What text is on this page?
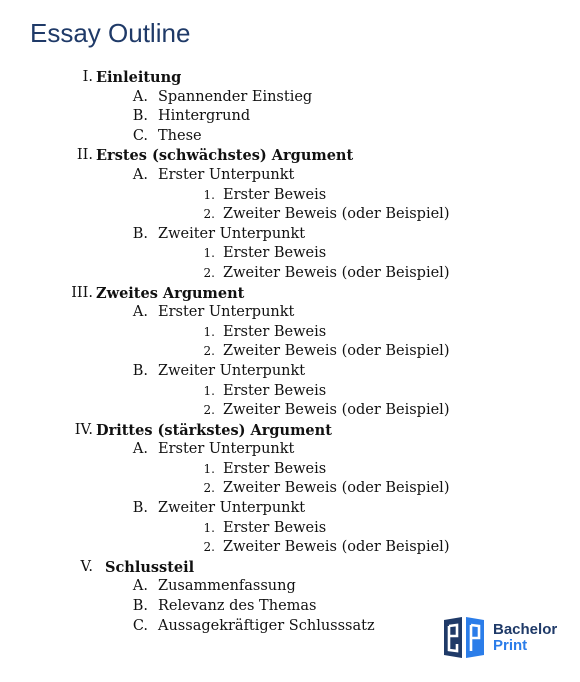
Essay Outline
I. Einleitung
A. Spannender Einstieg
B. Hintergrund
C. These
II. Erstes (schwächstes) Argument
A. Erster Unterpunkt
1. Erster Beweis
2. Zweiter Beweis (oder Beispiel)
B. Zweiter Unterpunkt
1. Erster Beweis
2. Zweiter Beweis (oder Beispiel)
III. Zweites Argument
A. Erster Unterpunkt
1. Erster Beweis
2. Zweiter Beweis (oder Beispiel)
B. Zweiter Unterpunkt
1. Erster Beweis
2. Zweiter Beweis (oder Beispiel)
IV. Drittes (stärkstes) Argument
A. Erster Unterpunkt
1. Erster Beweis
2. Zweiter Beweis (oder Beispiel)
B. Zweiter Unterpunkt
1. Erster Beweis
2. Zweiter Beweis (oder Beispiel)
V. Schlussteil
A. Zusammenfassung
B. Relevanz des Themas
C. Aussagekräftiger Schlusssatz	Bachelor
Print
